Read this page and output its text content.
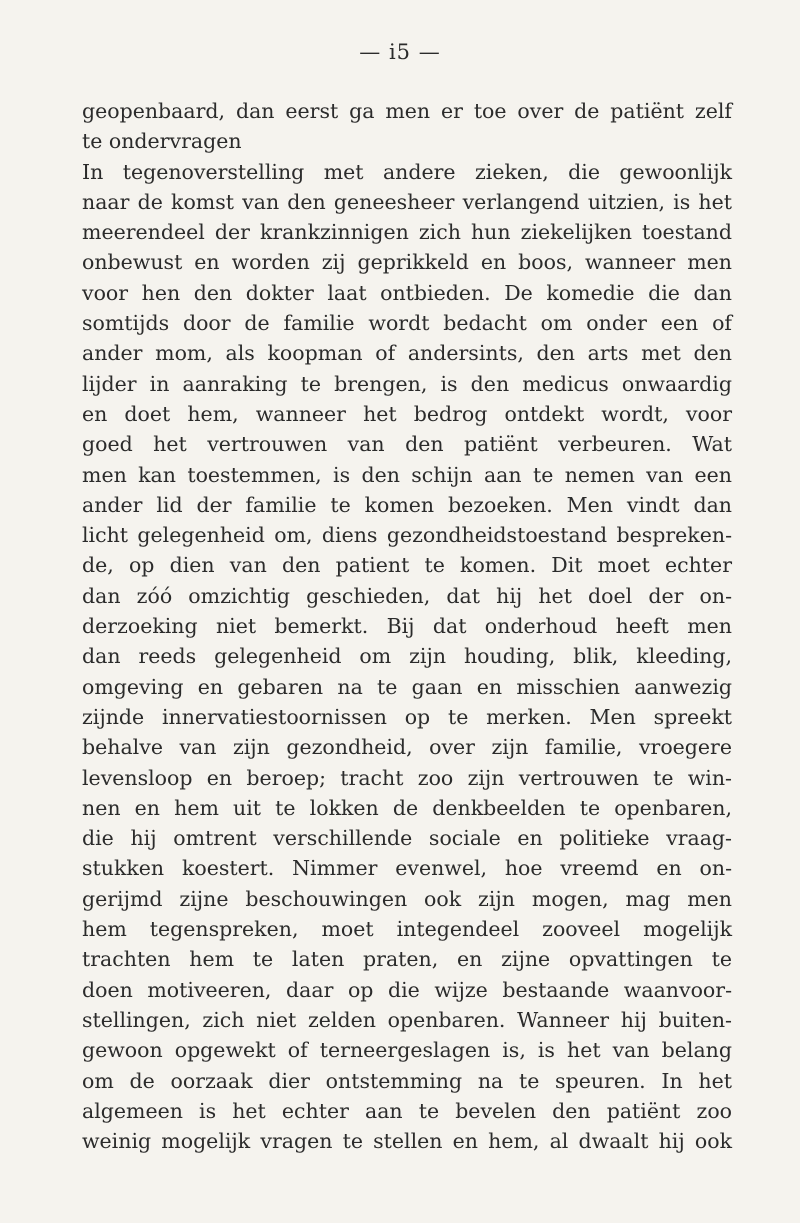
— i5 —
geopenbaard, dan eerst ga men er toe over de patiënt zelf
te ondervragen
In tegenoverstelling met andere zieken, die gewoonlijk
naar de komst van den geneesheer verlangend uitzien, is het
meerendeel der krankzinnigen zich hun ziekelijken toestand
onbewust en worden zij geprikkeld en boos, wanneer men
voor hen den dokter laat ontbieden. De komedie die dan
somtijds door de familie wordt bedacht om onder een of
ander mom, als koopman of andersints, den arts met den
lijder in aanraking te brengen, is den medicus onwaardig
en doet hem, wanneer het bedrog ontdekt wordt, voor
goed het vertrouwen van den patiënt verbeuren. Wat
men kan toestemmen, is den schijn aan te nemen van een
ander lid der familie te komen bezoeken. Men vindt dan
licht gelegenheid om, diens gezondheidstoestand bespreken-
de, op dien van den patient te komen. Dit moet echter
dan zóó omzichtig geschieden, dat hij het doel der on-
derzoeking niet bemerkt. Bij dat onderhoud heeft men
dan reeds gelegenheid om zijn houding, blik, kleeding,
omgeving en gebaren na te gaan en misschien aanwezig
zijnde innervatiestoornissen op te merken. Men spreekt
behalve van zijn gezondheid, over zijn familie, vroegere
levensloop en beroep; tracht zoo zijn vertrouwen te win-
nen en hem uit te lokken de denkbeelden te openbaren,
die hij omtrent verschillende sociale en politieke vraag-
stukken koestert. Nimmer evenwel, hoe vreemd en on-
gerijmd zijne beschouwingen ook zijn mogen, mag men
hem tegenspreken, moet integendeel zooveel mogelijk
trachten hem te laten praten, en zijne opvattingen te
doen motiveeren, daar op die wijze bestaande waanvoor-
stellingen, zich niet zelden openbaren. Wanneer hij buiten-
gewoon opgewekt of terneergeslagen is, is het van belang
om de oorzaak dier ontstemming na te speuren. In het
algemeen is het echter aan te bevelen den patiënt zoo
weinig mogelijk vragen te stellen en hem, al dwaalt hij ook
